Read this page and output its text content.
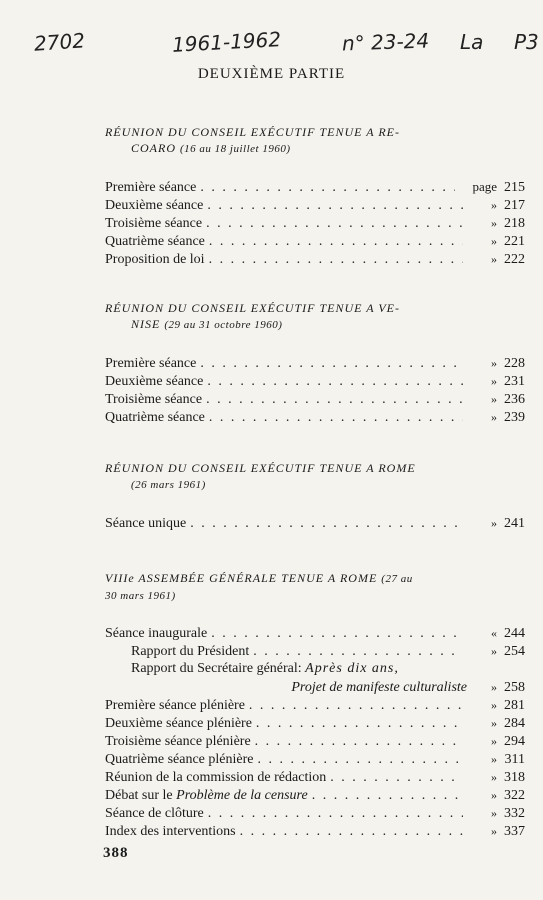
2702	1961-1962	n° 23-24 La P3
DEUXIÈME PARTIE
RÉUNION DU CONSEIL EXÉCUTIF TENUE A RE-
COARO (16 au 18 juillet 1960)
Première séance . . .	page 215
Deuxième séance . . .	» 217
Troisième séance . . .	» 218
Quatrième séance . . .	» 221
Proposition de loi . . .	» 222
RÉUNION DU CONSEIL EXÉCUTIF TENUE A VE-
NISE (29 au 31 octobre 1960)
Première séance . . .	» 228
Deuxième séance . . .	» 231
Troisième séance . . .	» 236
Quatrième séance . . .	» 239
RÉUNION DU CONSEIL EXÉCUTIF TENUE A ROME
(26 mars 1961)
Séance unique . . .	» 241
VIIIe ASSEMBÉE GÉNÉRALE TENUE A ROME (27 au
30 mars 1961)
Séance inaugurale . . .	« 244
Rapport du Président . . .	» 254
Rapport du Secrétaire général:
Après dix ans,
Projet de manifeste culturaliste	» 258
Première séance plénière . . .	» 281
Deuxième séance plénière . . .	» 284
Troisième séance plénière . . .	» 294
Quatrième séance plénière . . .	» 311
Réunion de la commission de rédaction . . .	» 318
Débat sur le
Problème de la censure . . .	» 322
Séance de clôture . . .	» 332
Index des interventions . . .	» 337
388
